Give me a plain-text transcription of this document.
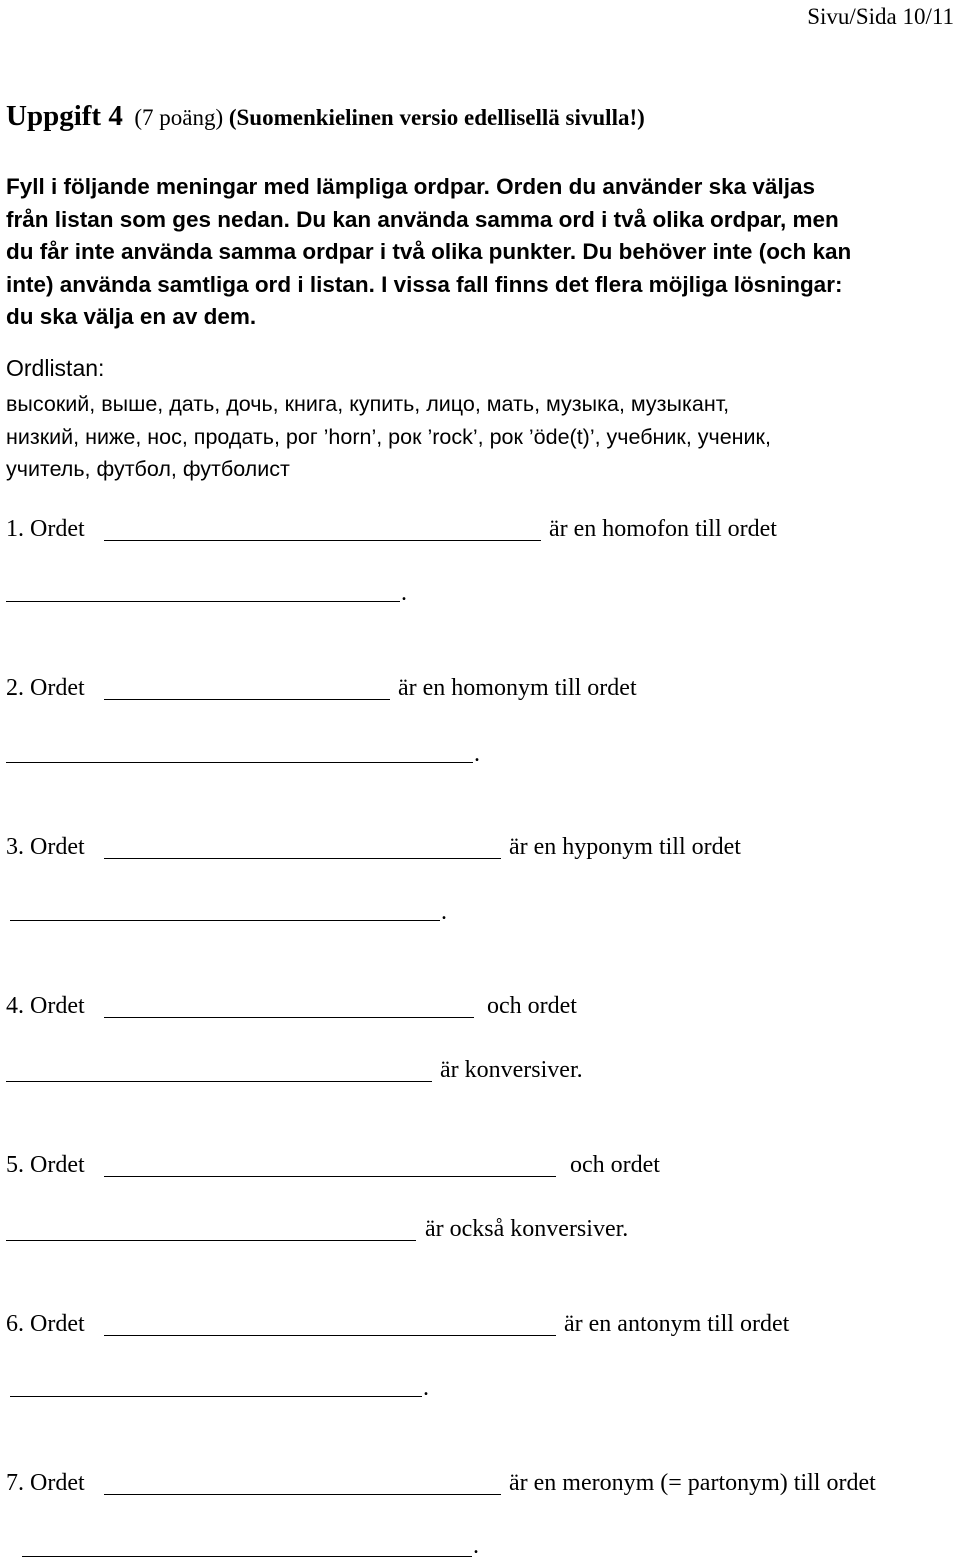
Sivu/Sida 10/11
Uppgift 4 (7 poäng) (Suomenkielinen versio edellisellä sivulla!)
Fyll i följande meningar med lämpliga ordpar. Orden du använder ska väljas
från listan som ges nedan. Du kan använda samma ord i två olika ordpar, men
du får inte använda samma ordpar i två olika punkter. Du behöver inte (och kan
inte) använda samtliga ord i listan. I vissa fall finns det flera möjliga lösningar:
du ska välja en av dem.
Ordlistan:
высокий, выше, дать, дочь, книга, купить, лицо, мать, музыка, музыкант,
низкий, ниже, нос, продать, рог ’horn’, рок ’rock’, рок ’öde(t)’, учебник, ученик,
учитель, футбол, футболист
1. Ordet	är en homofon till ordet
.
2. Ordet	är en homonym till ordet
.
3. Ordet	är en hyponym till ordet
.
4. Ordet	och ordet
är konversiver.
5. Ordet	och ordet
är också konversiver.
6. Ordet	är en antonym till ordet
.
7. Ordet	är en meronym (= partonym) till ordet
.
